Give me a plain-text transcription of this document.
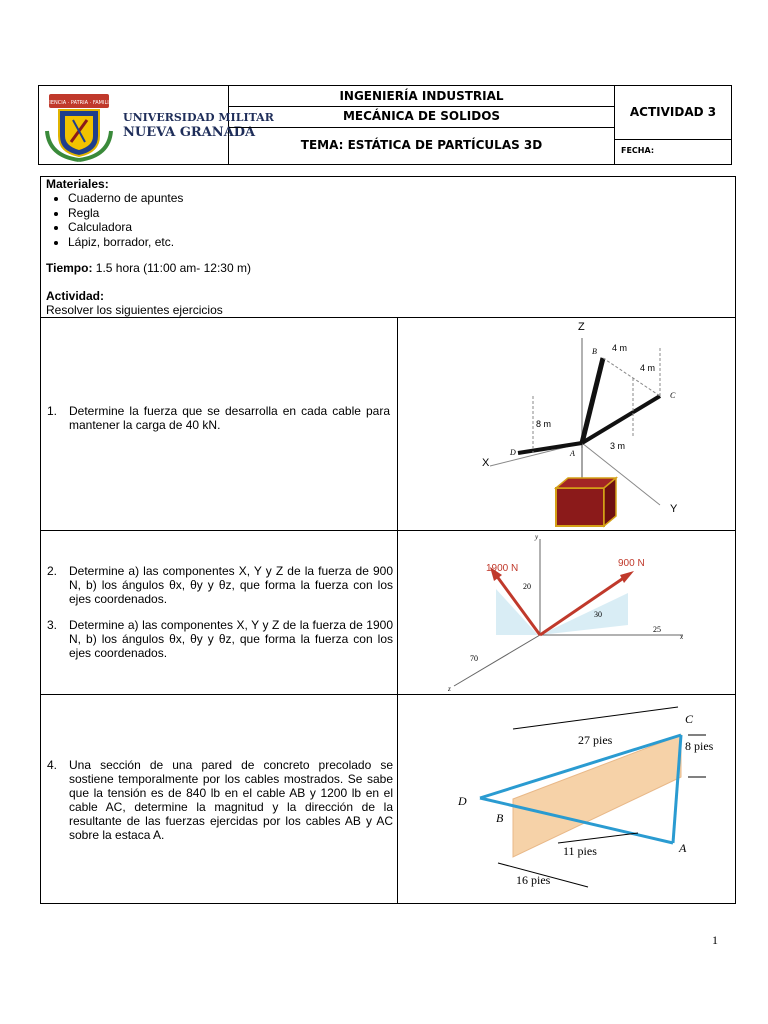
CIENCIA · PATRIA · FAMILIA
UNIVERSIDAD MILITAR
NUEVA GRANADA
INGENIERÍA INDUSTRIAL
MECÁNICA DE SOLIDOS
TEMA: ESTÁTICA DE PARTÍCULAS 3D
ACTIVIDAD 3
FECHA:
Materiales:
• Cuaderno de apuntes
• Regla
• Calculadora
• Lápiz, borrador, etc.
Tiempo: 1.5 hora (11:00 am- 12:30 m)
Actividad:
Resolver los siguientes ejercicios
1. Determine la fuerza que se desarrolla en cada cable para mantener la carga de 40 kN.
2. Determine a) las componentes X, Y y Z de la fuerza de 900 N, b) los ángulos θx, θy y θz, que forma la fuerza con los ejes coordenados.
3. Determine a) las componentes X, Y y Z de la fuerza de 1900 N, b) los ángulos θx, θy y θz, que forma la fuerza con los ejes coordenados.
4. Una sección de una pared de concreto precolado se sostiene temporalmente por los cables mostrados. Se sabe que la tensión es de 840 lb en el cable AB y 1200 lb en el cable AC, determine la magnitud y la dirección de la resultante de las fuerzas ejercidas por los cables AB y AC sobre la estaca A.
Z
X
Y
A
B
C
D
4 m
4 m
8 m
3 m
1900 N	900 N
20
30
25
70
y
x
z
C
D
B
A
27 pies	8 pies
11 pies
16 pies
1
